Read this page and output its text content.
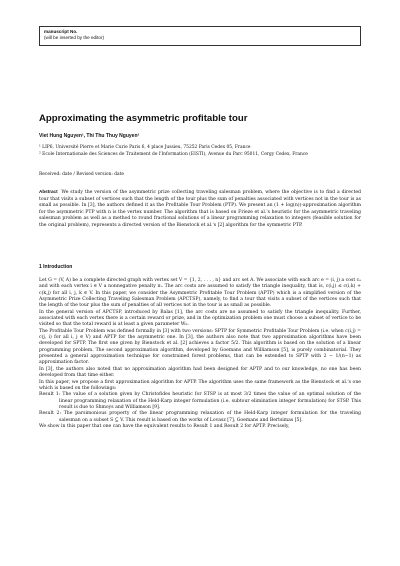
manuscript No.
(will be inserted by the editor)
Approximating the asymmetric profitable tour
Viet Hung Nguyen¹, Thi Thu Thuy Nguyen²
¹ LIP6, Université Pierre et Marie Curie Paris 6, 4 place Jussieu, 75252 Paris Cedex 05, France
² Ecole Internationale des Sciences de Traitement de l'Information (EISTI), Avenue du Parc 95011, Cergy Cedex, France
Received: date / Revised version: date
Abstract We study the version of the asymmetric prize collecting traveling salesman problem, where the objective is to find a directed tour that visits a subset of vertices such that the length of the tour plus the sum of penalties associated with vertices not in the tour is as small as possible. In [3], the authors defined it as the Profitable Tour Problem (PTP). We present an (1 + log(n))-approximation algorithm for the asymmetric PTP with n is the vertex number. The algorithm that is based on Frieze et al.'s heuristic for the asymmetric traveling salesman problem as well as a method to round fractional solutions of a linear programming relaxation to integers (feasible solution for the original problem), represents a directed version of the Bienstock et al.'s [2] algorithm for the symmetric PTP.
1 Introduction

Let G = (V, A) be a complete directed graph with vertex set V = {1, 2, . . . , n} and arc set A. We associate with each arc e = (i, j) a cost cₑ and with each vertex i ∈ V a nonnegative penalty πᵢ. The arc costs are assumed to satisfy the triangle inequality, that is, c(i,j) ≤ c(i,k) + c(k,j) for all i, j, k ∈ V. In this paper, we consider the Asymmetric Profitable Tour Problem (APTP) which is a simplified version of the Asymmetric Prize Collecting Traveling Salesman Problem (APCTSP), namely, to find a tour that visits a subset of the vertices such that the length of the tour plus the sum of penalties of all vertices not in the tour is as small as possible.

In the general version of APCTSP, introduced by Balas [1], the arc costs are no assumed to satisfy the triangle inequality. Further, associated with each vertex there is a certain reward or prize, and in the optimization problem one must choose a subset of vertice to be visited so that the total reward is at least a given parameter W₀.

The Profitable Tour Problem was defined formally in [3] with two versions: SPTP for Symmetric Profitable Tour Problem (i.e. when c(i,j) = c(j, i) for all i, j ∈ V) and APTP for the asymmetric one. In [3], the authors also note that two approximation algorithms have been developed for SPTP. The first one given by Bienstock et al. [2] achieves a factor 5/2. This algorithm is based on the solution of a linear programming problem. The second approximation algorithm, developed by Goemans and Williamson [5], is purely combinatorial. They presented a general approximation technique for constrained forest problems, that can be extended to SPTP with 2 − 1/(n−1) as approximation factor.

In [3], the authors also noted that no approximation algorithm had been designed for APTP and to our knowledge, no one has been developed from that time either.

In this paper, we propose a first approximation algorithm for APTP. The algorithm uses the same framework as the Bienstock et al.'s one which is based on the followings:

Result 1: The value of a solution given by Christofides heuristic for STSP is at most 3/2 times the value of an optimal solution of the linear programming relaxation of the Held-Karp integer formulation (i.e. subtour elimination integer formulation) for STSP. This result is due to Shmoys and Williamson [9].

Result 2: The parsimonious property of the linear programming relaxation of the Held-Karp integer formulation for the traveling salesman on a subset S ⊆ V. This result is based on the works of Lovasz [7], Goemans and Bertsimas [5].

We show in this paper that one can have the equivalent results to Result 1 and Result 2 for APTP. Precisely,
